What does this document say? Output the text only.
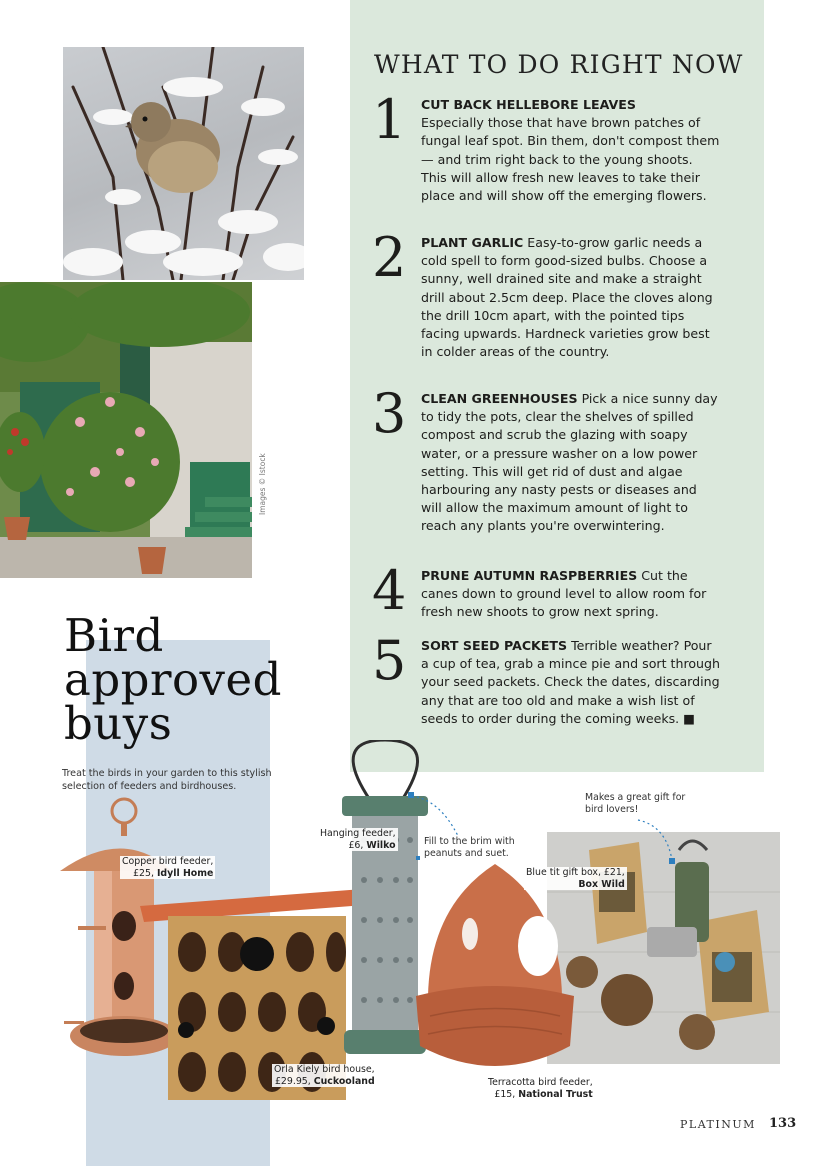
Images © Istock
WHAT TO DO RIGHT NOW
1	CUT BACK HELLEBORE LEAVES
Especially those that have brown patches of fungal leaf spot. Bin them, don't compost them — and trim right back to the young shoots. This will allow fresh new leaves to take their place and will show off the emerging flowers.
2	PLANT GARLIC Easy-to-grow garlic needs a cold spell to form good-sized bulbs. Choose a sunny, well drained site and make a straight drill about 2.5cm deep. Place the cloves along the drill 10cm apart, with the pointed tips facing upwards. Hardneck varieties grow best in colder areas of the country.
3	CLEAN GREENHOUSES Pick a nice sunny day to tidy the pots, clear the shelves of spilled compost and scrub the glazing with soapy water, or a pressure washer on a low power setting. This will get rid of dust and algae harbouring any nasty pests or diseases and will allow the maximum amount of light to reach any plants you're overwintering.
4	PRUNE AUTUMN RASPBERRIES Cut the canes down to ground level to allow room for fresh new shoots to grow next spring.
5	SORT SEED PACKETS Terrible weather? Pour a cup of tea, grab a mince pie and sort through your seed packets. Check the dates, discarding any that are too old and make a wish list of seeds to order during the coming weeks. ■
Bird
approved
buys
Treat the birds in your garden to this stylish selection of feeders and birdhouses.
Copper bird feeder,
£25, Idyll Home
Orla Kiely bird house,
£29.95, Cuckooland
Hanging feeder,
£6, Wilko	Fill to the brim with peanuts and suet.
Terracotta bird feeder,
£15, National Trust
Makes a great gift for bird lovers!
Blue tit gift box, £21,
Box Wild
PLATINUM 133
